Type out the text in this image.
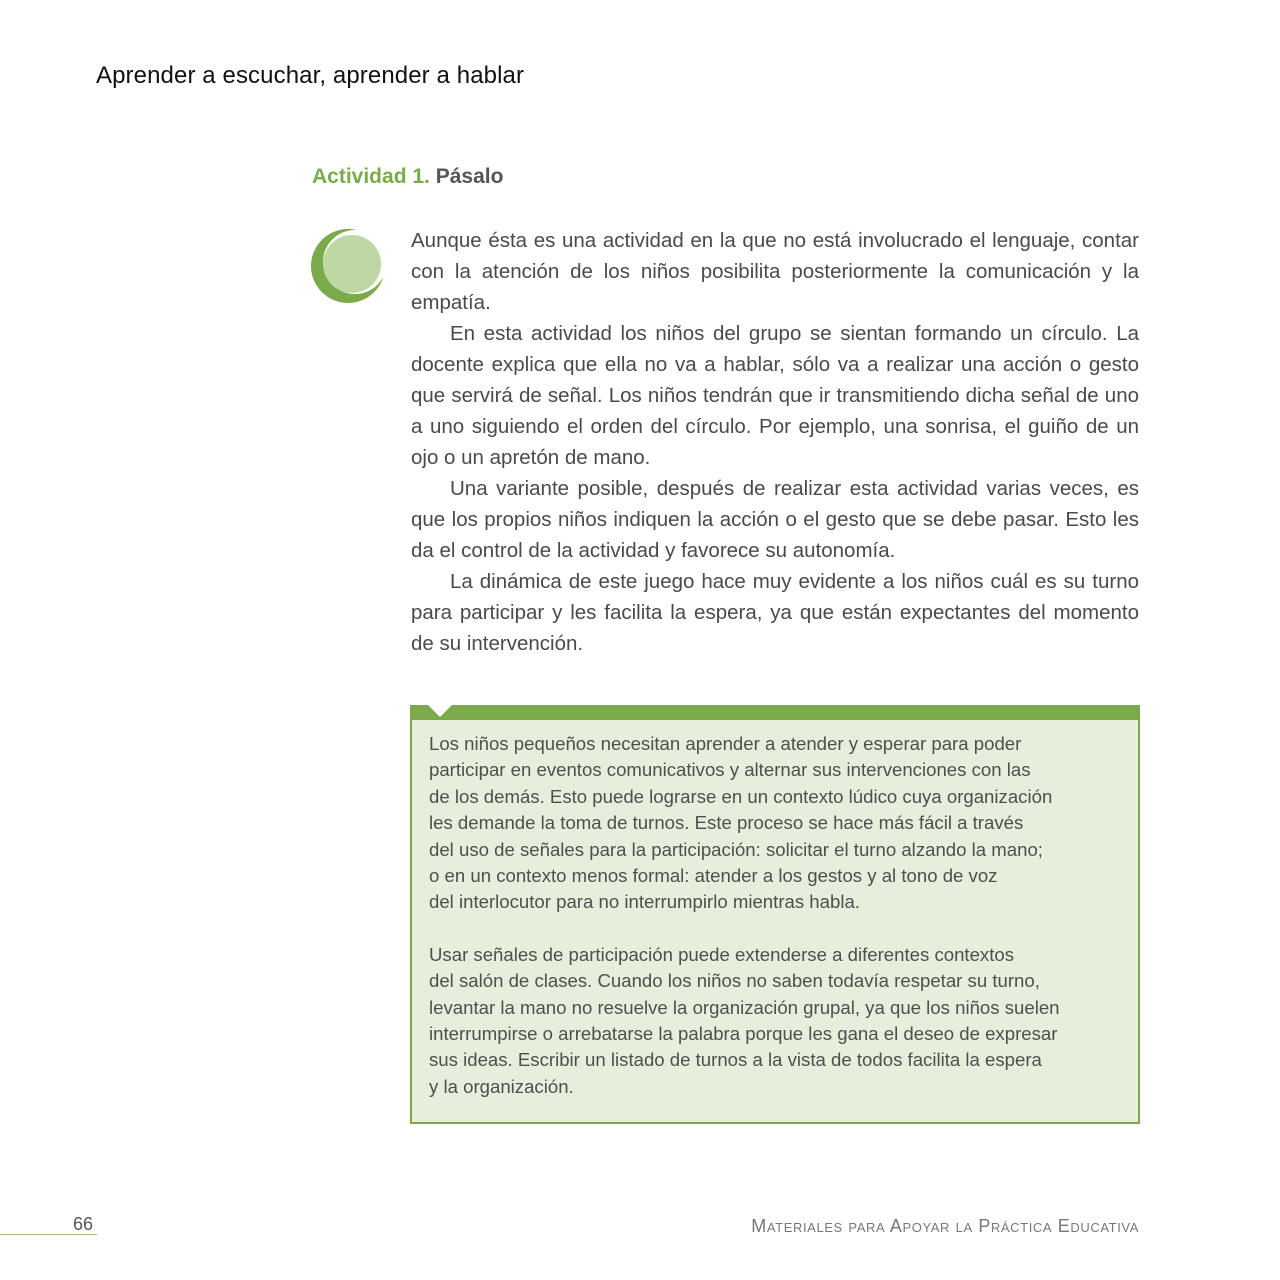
Aprender a escuchar, aprender a hablar
Actividad 1. Pásalo

Aunque ésta es una actividad en la que no está involucrado el lenguaje, contar con la atención de los niños posibilita posteriormente la comunicación y la empatía.

En esta actividad los niños del grupo se sientan formando un círculo. La docente explica que ella no va a hablar, sólo va a realizar una acción o gesto que servirá de señal. Los niños tendrán que ir transmitiendo dicha señal de uno a uno siguiendo el orden del círculo. Por ejemplo, una sonrisa, el guiño de un ojo o un apretón de mano.

Una variante posible, después de realizar esta actividad varias veces, es que los propios niños indiquen la acción o el gesto que se debe pasar. Esto les da el control de la actividad y favorece su autonomía.

La dinámica de este juego hace muy evidente a los niños cuál es su turno para participar y les facilita la espera, ya que están expectantes del momento de su intervención.

Los niños pequeños necesitan aprender a atender y esperar para poder
participar en eventos comunicativos y alternar sus intervenciones con las
de los demás. Esto puede lograrse en un contexto lúdico cuya organización
les demande la toma de turnos. Este proceso se hace más fácil a través
del uso de señales para la participación: solicitar el turno alzando la mano;
o en un contexto menos formal: atender a los gestos y al tono de voz
del interlocutor para no interrumpirlo mientras habla.

Usar señales de participación puede extenderse a diferentes contextos
del salón de clases. Cuando los niños no saben todavía respetar su turno,
levantar la mano no resuelve la organización grupal, ya que los niños suelen
interrumpirse o arrebatarse la palabra porque les gana el deseo de expresar
sus ideas. Escribir un listado de turnos a la vista de todos facilita la espera
y la organización.

66	Materiales para Apoyar la Práctica Educativa
